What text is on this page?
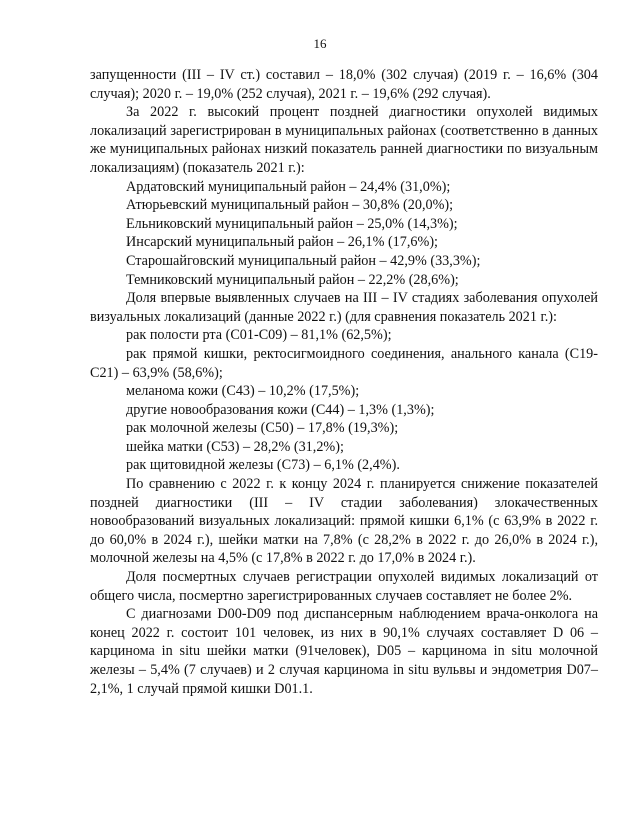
16

запущенности (III – IV ст.) составил – 18,0% (302 случая) (2019 г. – 16,6% (304 случая); 2020 г. – 19,0% (252 случая), 2021 г. – 19,6% (292 случая).

За 2022 г. высокий процент поздней диагностики опухолей видимых локализаций зарегистрирован в муниципальных районах (соответственно в данных же муниципальных районах низкий показатель ранней диагностики по визуальным локализациям) (показатель 2021 г.):

Ардатовский муниципальный район – 24,4% (31,0%);
Атюрьевский муниципальный район – 30,8% (20,0%);
Ельниковский муниципальный район – 25,0% (14,3%);
Инсарский муниципальный район – 26,1% (17,6%);
Старошайговский муниципальный район – 42,9% (33,3%);
Темниковский муниципальный район – 22,2% (28,6%);

Доля впервые выявленных случаев на III – IV стадиях заболевания опухолей визуальных локализаций (данные 2022 г.) (для сравнения показатель 2021 г.):

рак полости рта (С01-С09) – 81,1% (62,5%);
рак прямой кишки, ректосигмоидного соединения, анального канала (С19-С21) – 63,9% (58,6%);
меланома кожи (С43) – 10,2% (17,5%);
другие новообразования кожи (С44) – 1,3% (1,3%);
рак молочной железы (С50) – 17,8% (19,3%);
шейка матки (С53) – 28,2% (31,2%);
рак щитовидной железы (С73) – 6,1% (2,4%).

По сравнению с 2022 г. к концу 2024 г. планируется снижение показателей поздней диагностики (III – IV стадии заболевания) злокачественных новообразований визуальных локализаций: прямой кишки 6,1% (с 63,9% в 2022 г. до 60,0% в 2024 г.), шейки матки на 7,8% (с 28,2% в 2022 г. до 26,0% в 2024 г.), молочной железы на 4,5% (с 17,8% в 2022 г. до 17,0% в 2024 г.).

Доля посмертных случаев регистрации опухолей видимых локализаций от общего числа, посмертно зарегистрированных случаев составляет не более 2%.

С диагнозами D00-D09 под диспансерным наблюдением врача-онколога на конец 2022 г. состоит 101 человек, из них в 90,1% случаях составляет D 06 – карцинома in situ шейки матки (91человек), D05 – карцинома in situ молочной железы – 5,4% (7 случаев) и 2 случая карцинома in situ вульвы и эндометрия D07– 2,1%, 1 случай прямой кишки D01.1.
